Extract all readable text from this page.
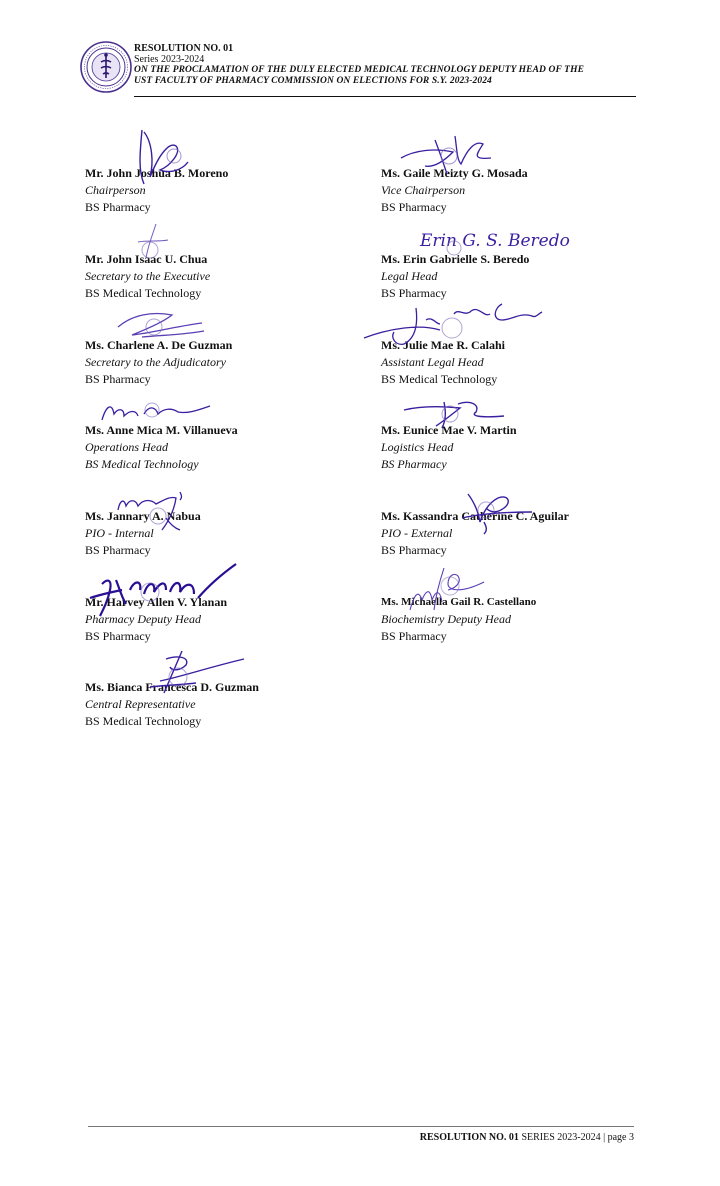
RESOLUTION NO. 01
Series 2023-2024
ON THE PROCLAMATION OF THE DULY ELECTED MEDICAL TECHNOLOGY DEPUTY HEAD OF THE
UST FACULTY OF PHARMACY COMMISSION ON ELECTIONS FOR S.Y. 2023-2024
Mr. John Joshua B. Moreno
Chairperson
BS Pharmacy
Ms. Gaile Meizty G. Mosada
Vice Chairperson
BS Pharmacy
Mr. John Isaac U. Chua
Secretary to the Executive
BS Medical Technology
Ms. Erin Gabrielle S. Beredo
Legal Head
BS Pharmacy
Erin G. S. Beredo
Ms. Charlene A. De Guzman
Secretary to the Adjudicatory
BS Pharmacy
Ms. Julie Mae R. Calahi
Assistant Legal Head
BS Medical Technology
Ms. Anne Mica M. Villanueva
Operations Head
BS Medical Technology
Ms. Eunice Mae V. Martin
Logistics Head
BS Pharmacy
Ms. Jannary A. Nabua
PIO - Internal
BS Pharmacy
Ms. Kassandra Catherine C. Aguilar
PIO - External
BS Pharmacy
Mr. Harvey Allen V. Ylanan
Pharmacy Deputy Head
BS Pharmacy
Ms. Michaella Gail R. Castellano
Biochemistry Deputy Head
BS Pharmacy
Ms. Bianca Francesca D. Guzman
Central Representative
BS Medical Technology
RESOLUTION NO. 01 SERIES 2023-2024 | page 3
